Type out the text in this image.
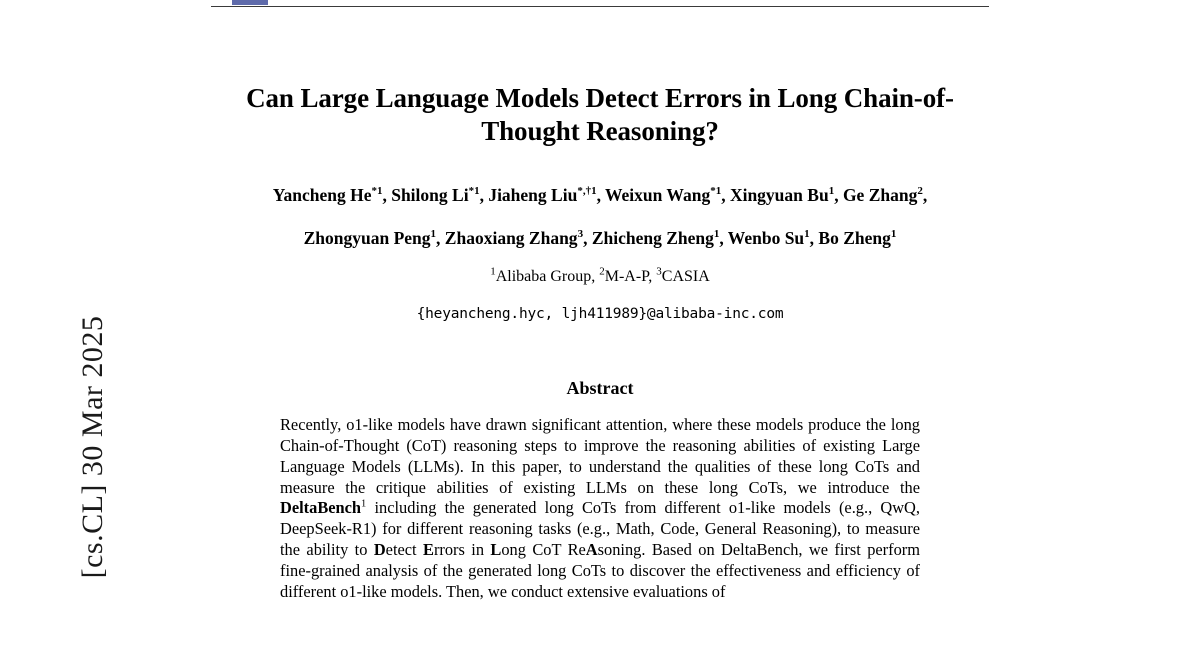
[cs.CL] 30 Mar 2025
Can Large Language Models Detect Errors in Long Chain-of-Thought Reasoning?
Yancheng He$^{*1}$, Shilong Li$^{*1}$, Jiaheng Liu$^{*,\dagger 1}$, Weixun Wang$^{*1}$, Xingyuan Bu$^1$, Ge Zhang$^2$,
Zhongyuan Peng$^1$, Zhaoxiang Zhang$^3$, Zhicheng Zheng$^1$, Wenbo Su$^1$, Bo Zheng$^1$
$^1$Alibaba Group, $^2$M-A-P, $^3$CASIA
{heyancheng.hyc, ljh411989}@alibaba-inc.com
Abstract

Recently, o1-like models have drawn significant attention, where these models produce the long Chain-of-Thought (CoT) reasoning steps to improve the reasoning abilities of existing Large Language Models (LLMs). In this paper, to understand the qualities of these long CoTs and measure the critique abilities of existing LLMs on these long CoTs, we introduce the DeltaBench$^1$ including the generated long CoTs from different o1-like models (e.g., QwQ, DeepSeek-R1) for different reasoning tasks (e.g., Math, Code, General Reasoning), to measure the ability to Detect Errors in Long CoT ReAsoning. Based on DeltaBench, we first perform fine-grained analysis of the generated long CoTs to discover the effectiveness and efficiency of different o1-like models. Then, we conduct extensive evaluations of
